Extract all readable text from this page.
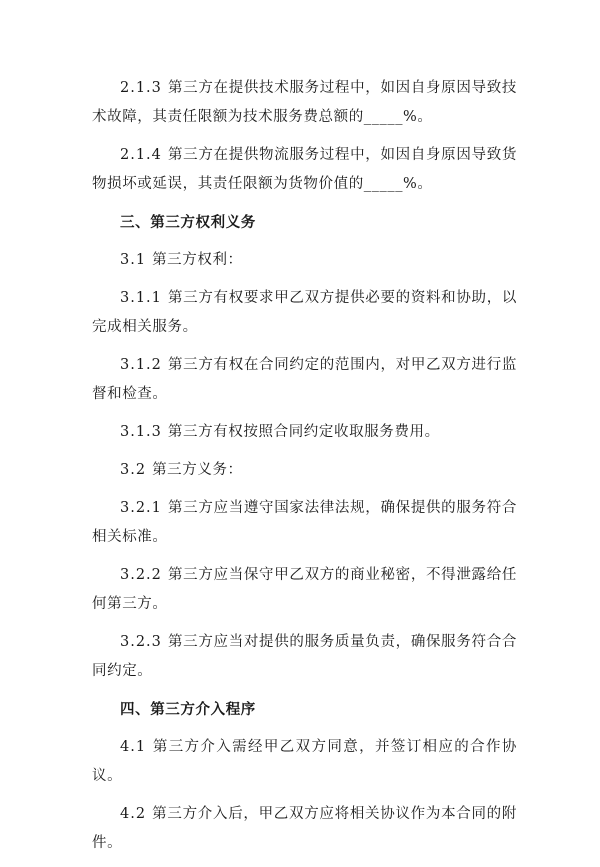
2.1.3 第三方在提供技术服务过程中，如因自身原因导致技术故障，其责任限额为技术服务费总额的_____%。

2.1.4 第三方在提供物流服务过程中，如因自身原因导致货物损坏或延误，其责任限额为货物价值的_____%。

三、第三方权利义务

3.1 第三方权利：

3.1.1 第三方有权要求甲乙双方提供必要的资料和协助，以完成相关服务。

3.1.2 第三方有权在合同约定的范围内，对甲乙双方进行监督和检查。

3.1.3 第三方有权按照合同约定收取服务费用。

3.2 第三方义务：

3.2.1 第三方应当遵守国家法律法规，确保提供的服务符合相关标准。

3.2.2 第三方应当保守甲乙双方的商业秘密，不得泄露给任何第三方。

3.2.3 第三方应当对提供的服务质量负责，确保服务符合合同约定。

四、第三方介入程序

4.1 第三方介入需经甲乙双方同意，并签订相应的合作协议。

4.2 第三方介入后，甲乙双方应将相关协议作为本合同的附件。
